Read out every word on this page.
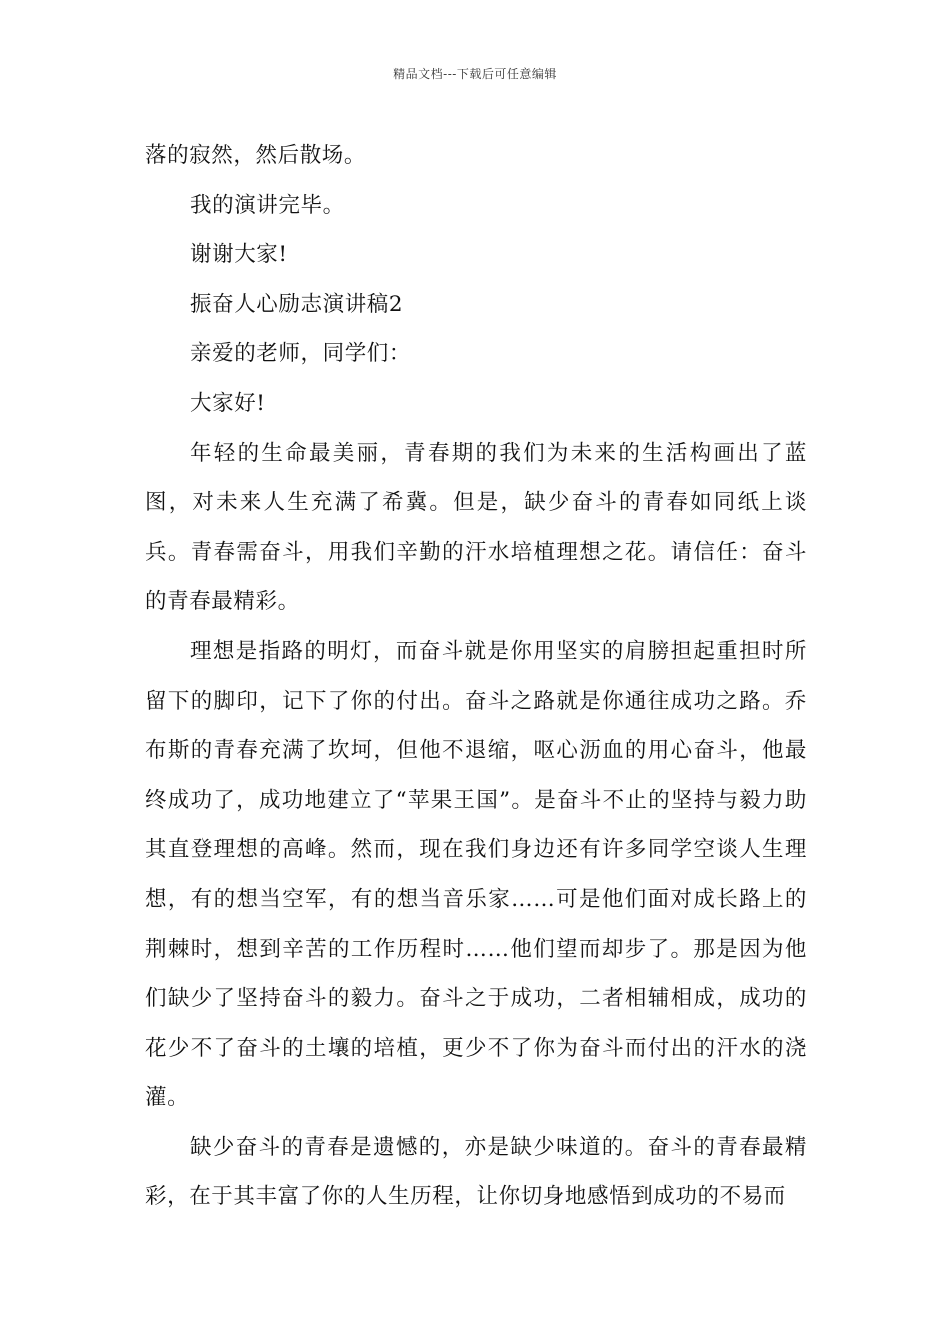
精品文档---下载后可任意编辑

落的寂然，然后散场。

我的演讲完毕。

谢谢大家!

振奋人心励志演讲稿2

亲爱的老师，同学们：

大家好!

年轻的生命最美丽，青春期的我们为未来的生活构画出了蓝图，对未来人生充满了希冀。但是，缺少奋斗的青春如同纸上谈兵。青春需奋斗，用我们辛勤的汗水培植理想之花。请信任：奋斗的青春最精彩。

理想是指路的明灯，而奋斗就是你用坚实的肩膀担起重担时所留下的脚印，记下了你的付出。奋斗之路就是你通往成功之路。乔布斯的青春充满了坎坷，但他不退缩，呕心沥血的用心奋斗，他最终成功了，成功地建立了“苹果王国”。是奋斗不止的坚持与毅力助其直登理想的高峰。然而，现在我们身边还有许多同学空谈人生理想，有的想当空军，有的想当音乐家……可是他们面对成长路上的荆棘时，想到辛苦的工作历程时……他们望而却步了。那是因为他们缺少了坚持奋斗的毅力。奋斗之于成功，二者相辅相成，成功的花少不了奋斗的土壤的培植，更少不了你为奋斗而付出的汗水的浇灌。

缺少奋斗的青春是遗憾的，亦是缺少味道的。奋斗的青春最精彩，在于其丰富了你的人生历程，让你切身地感悟到成功的不易而
